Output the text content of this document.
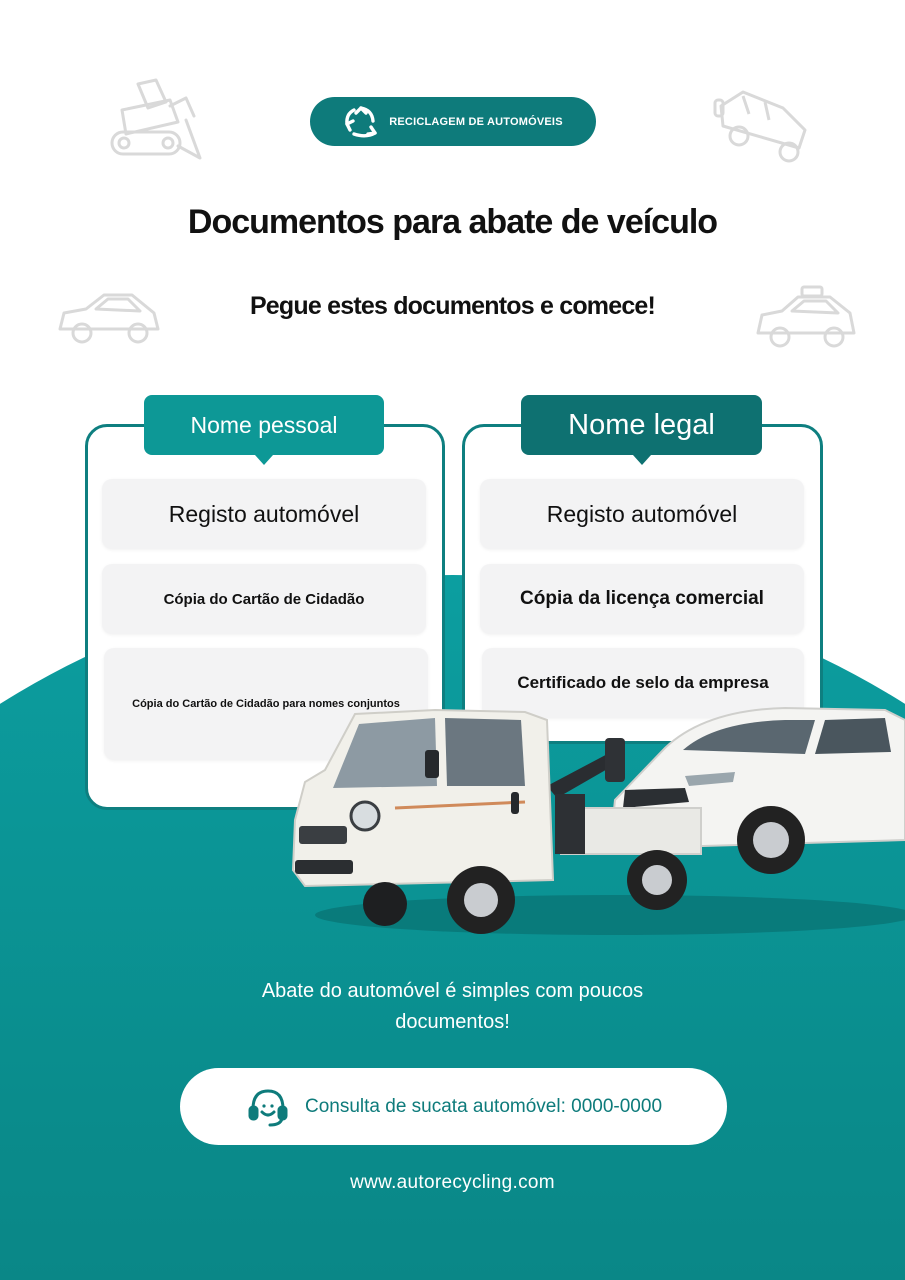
RECICLAGEM DE AUTOMÓVEIS
Documentos para abate de veículo
Pegue estes documentos e comece!
Nome pessoal
Registo automóvel
Cópia do Cartão de Cidadão
Cópia do Cartão de Cidadão para nomes conjuntos
Nome legal
Registo automóvel
Cópia da licença comercial
Certificado de selo da empresa
Abate do automóvel é simples com poucos documentos!
Consulta de sucata automóvel: 0000-0000
www.autorecycling.com
